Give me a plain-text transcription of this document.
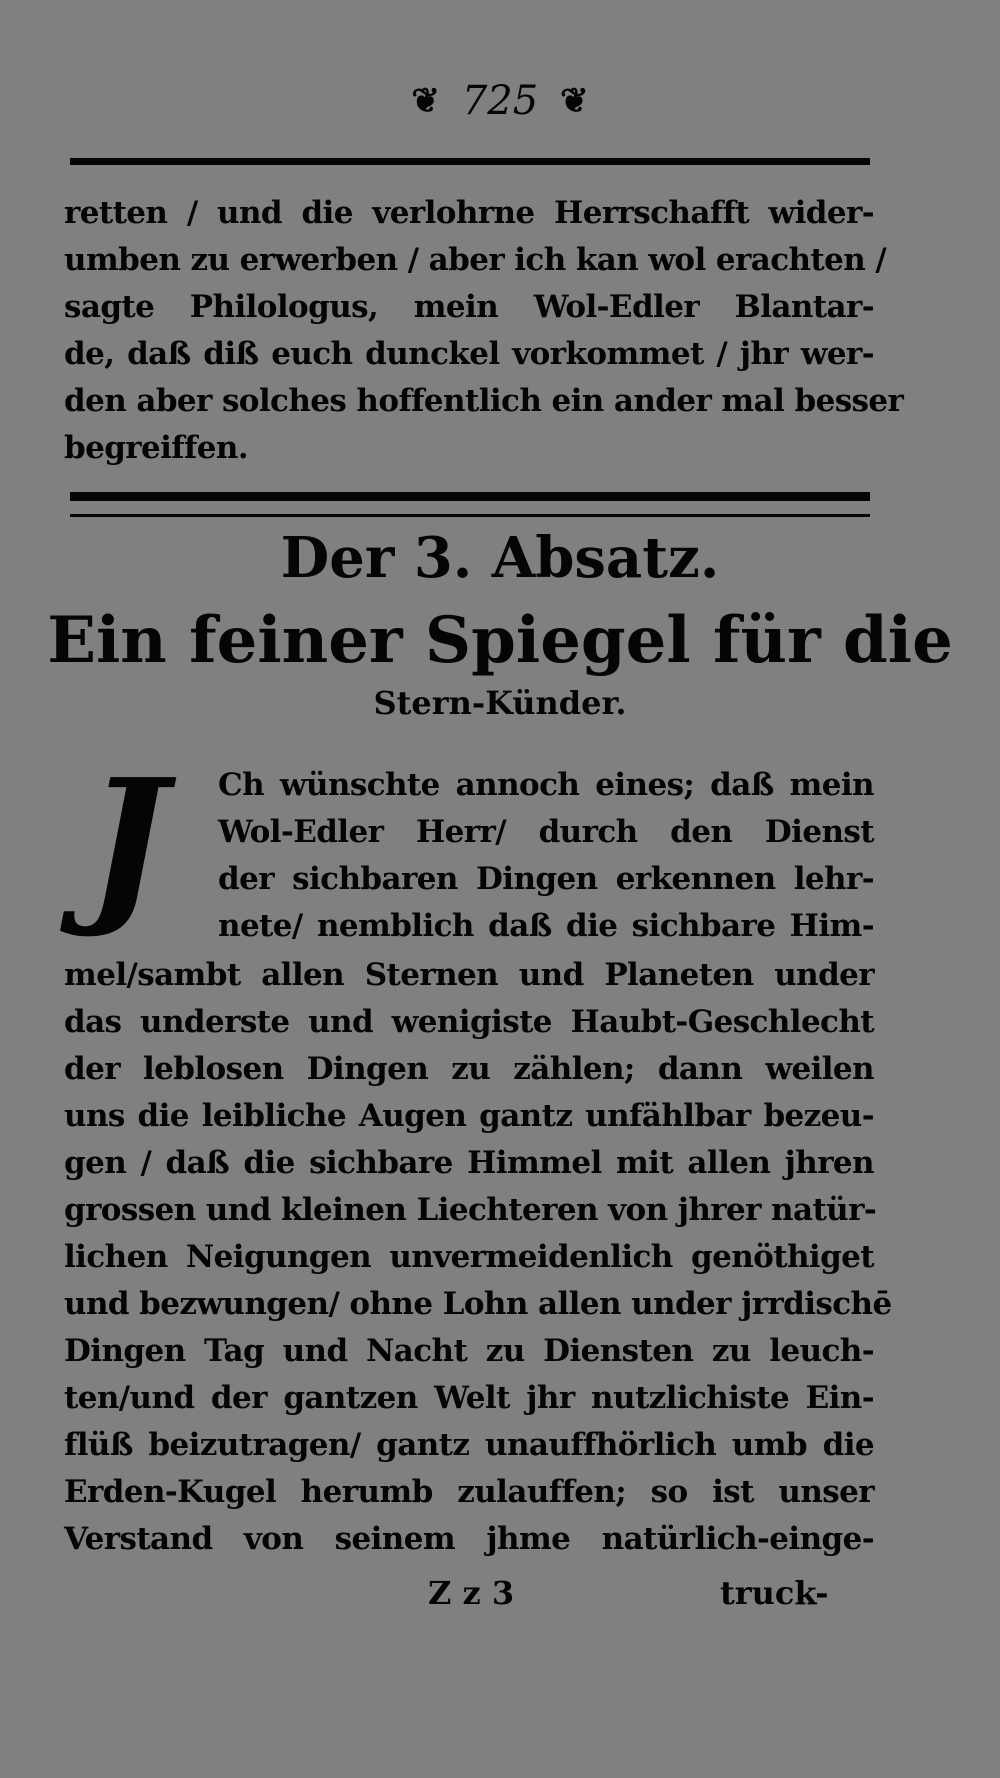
❦ 725 ❦
retten / und die verlohrne Herrschafft wider-
umben zu erwerben / aber ich kan wol erachten /
sagte Philologus, mein Wol-Edler Blantar-
de, daß diß euch dunckel vorkommet / jhr wer-
den aber solches hoffentlich ein ander mal besser
begreiffen.
Der 3. Absatz.
Ein feiner Spiegel für die
Stern-Künder.
J	Ch wünschte annoch eines; daß mein
Wol-Edler Herr/ durch den Dienst
der sichbaren Dingen erkennen lehr-
nete/ nemblich daß die sichbare Him-
mel/sambt allen Sternen und Planeten under
das underste und wenigiste Haubt-Geschlecht
der leblosen Dingen zu zählen; dann weilen
uns die leibliche Augen gantz unfählbar bezeu-
gen / daß die sichbare Himmel mit allen jhren
grossen und kleinen Liechteren von jhrer natür-
lichen Neigungen unvermeidenlich genöthiget
und bezwungen/ ohne Lohn allen under jrrdischē
Dingen Tag und Nacht zu Diensten zu leuch-
ten/und der gantzen Welt jhr nutzlichiste Ein-
flüß beizutragen/ gantz unauffhörlich umb die
Erden-Kugel herumb zulauffen; so ist unser
Verstand von seinem jhme natürlich-einge-
Z z 3	truck-
